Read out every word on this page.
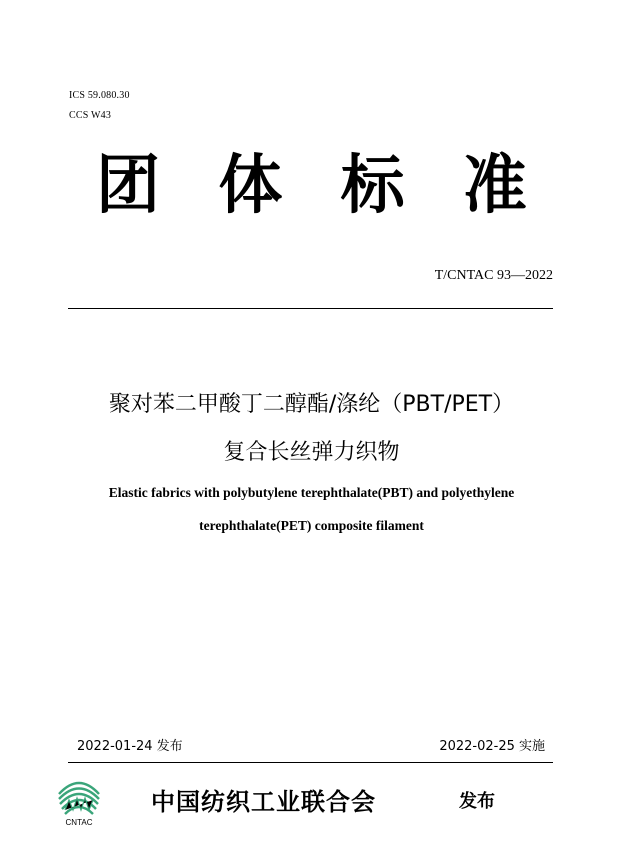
ICS 59.080.30
CCS W43
团 体 标 准
T/CNTAC 93—2022
聚对苯二甲酸丁二醇酯/涤纶（PBT/PET）
复合长丝弹力织物
Elastic fabrics with polybutylene terephthalate(PBT) and polyethylene
terephthalate(PET) composite filament
2022-01-24 发布	2022-02-25 实施
CNTAC
中国纺织工业联合会	发布
